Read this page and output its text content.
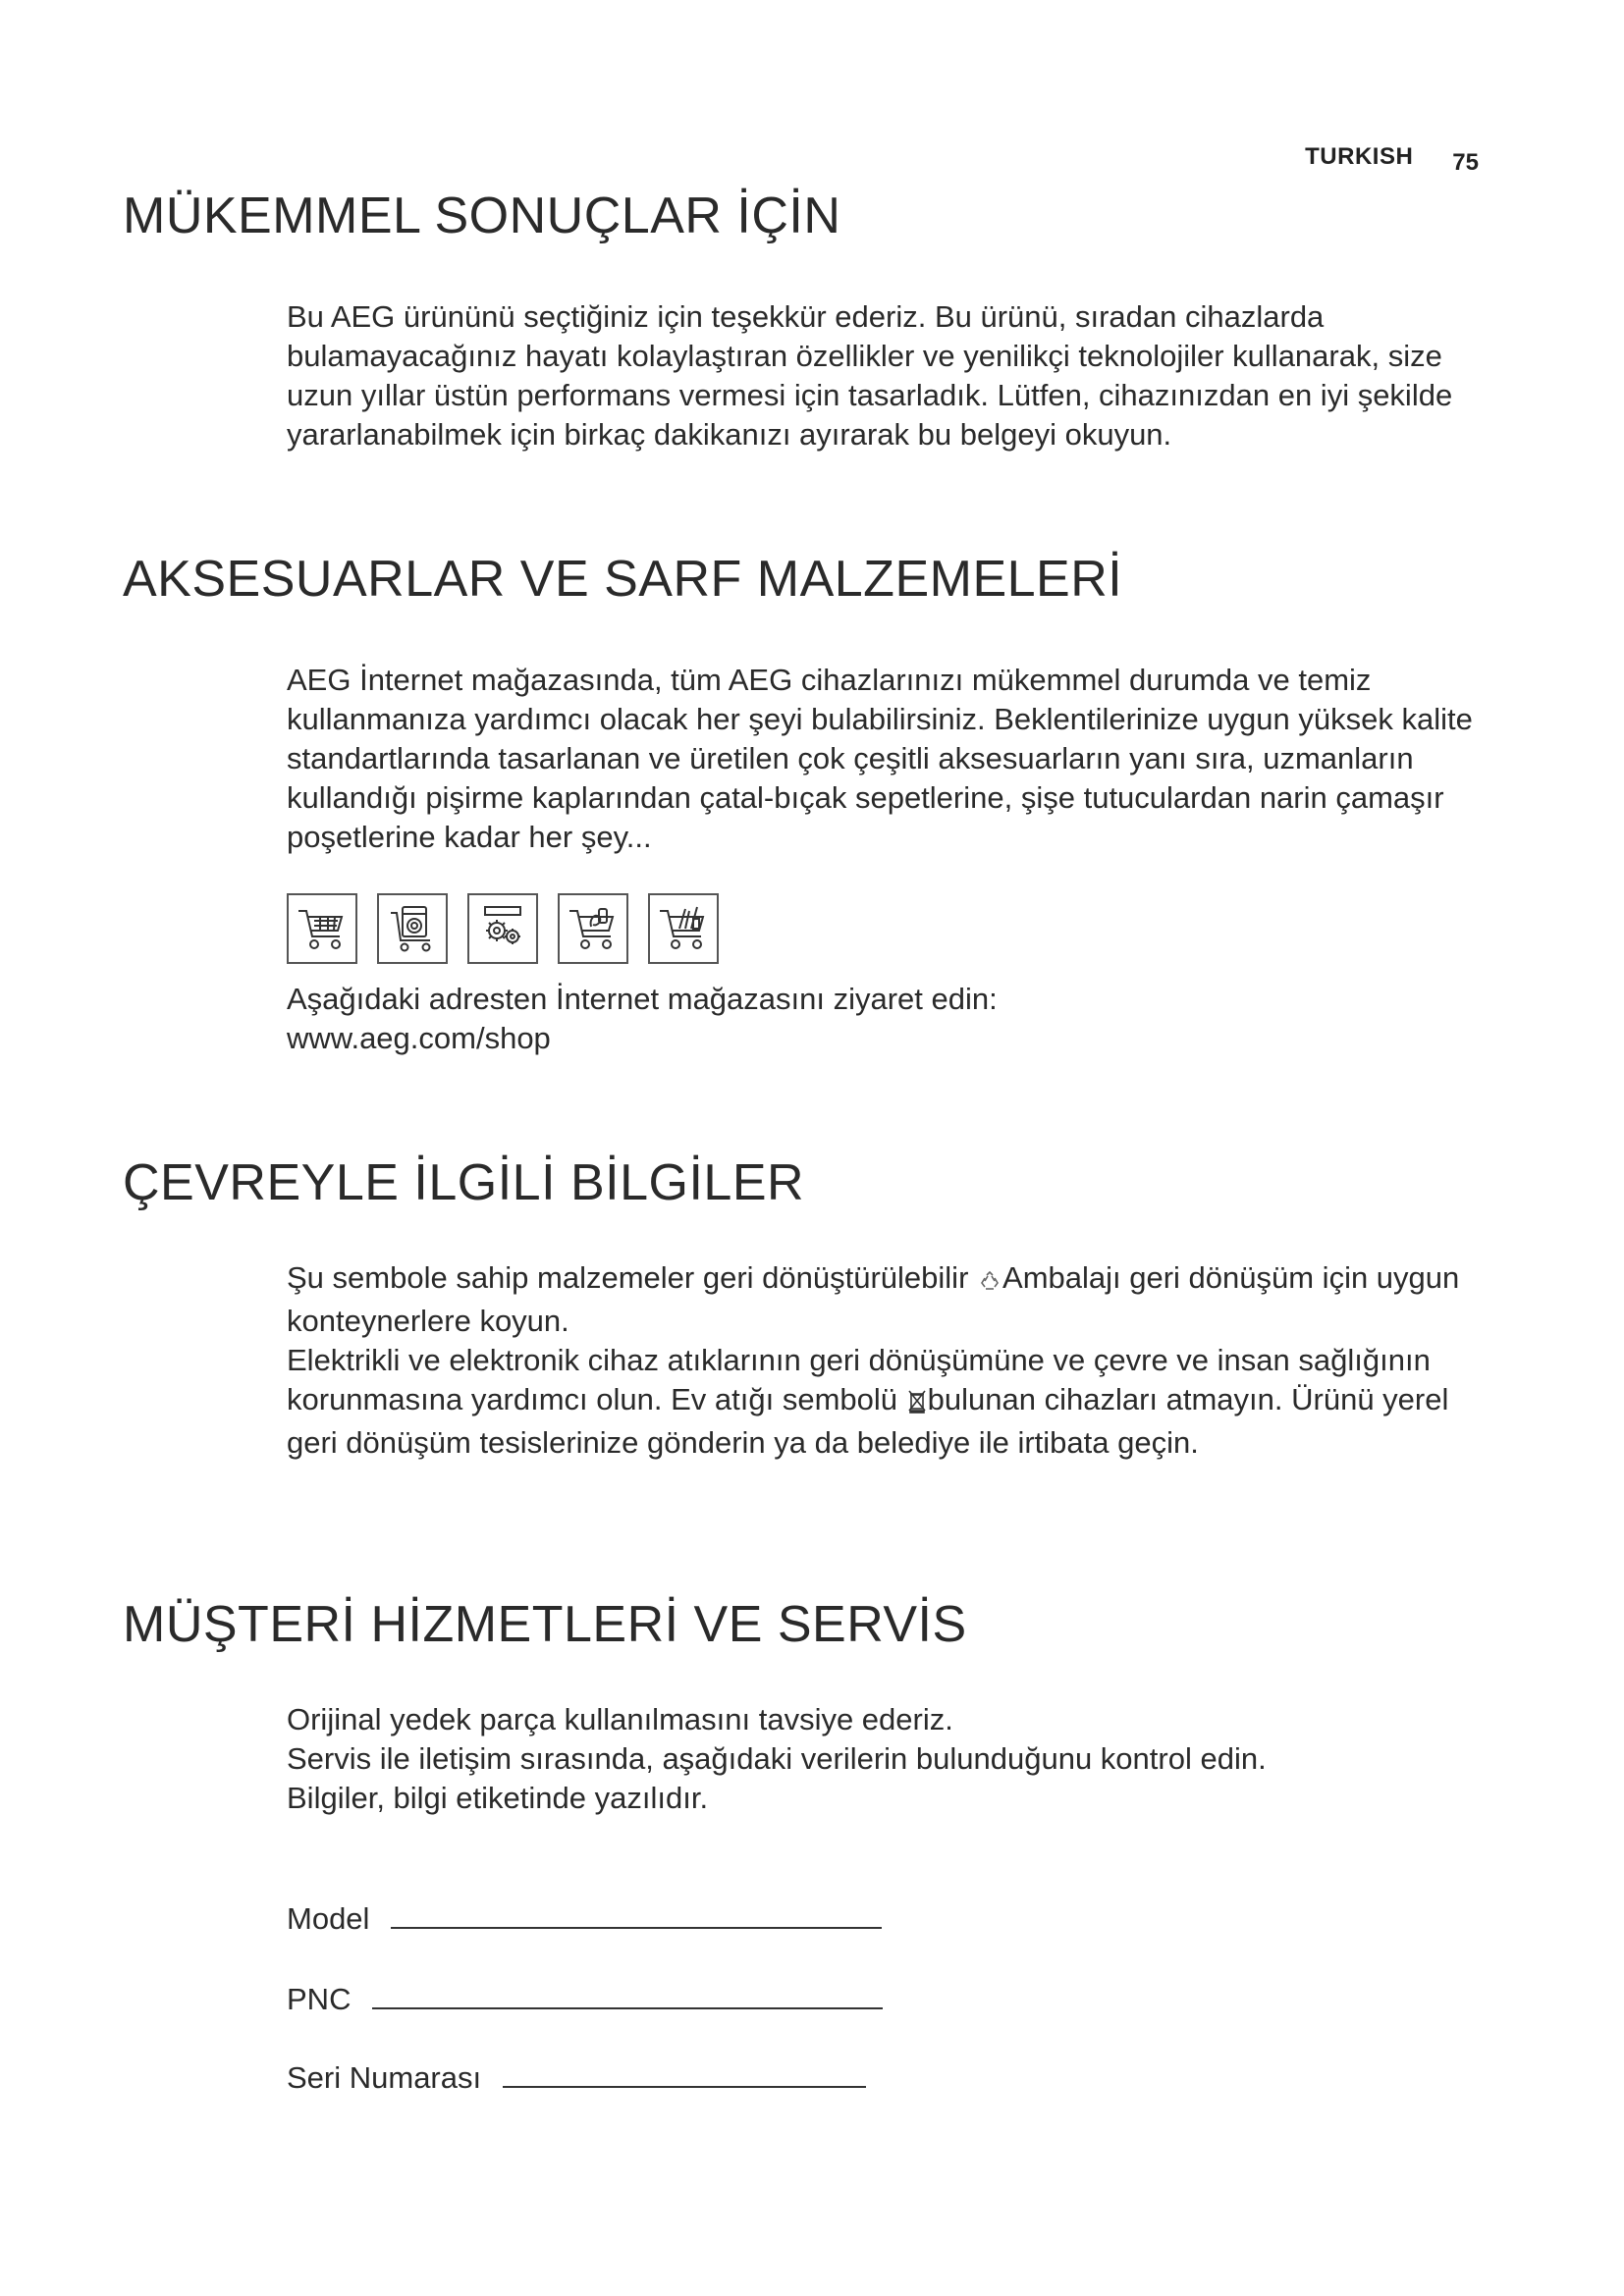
TURKISH 75
MÜKEMMEL SONUÇLAR İÇİN

Bu AEG ürününü seçtiğiniz için teşekkür ederiz. Bu ürünü, sıradan cihazlarda bulamayacağınız hayatı kolaylaştıran özellikler ve yenilikçi teknolojiler kullanarak, size uzun yıllar üstün performans vermesi için tasarladık. Lütfen, cihazınızdan en iyi şekilde yararlanabilmek için birkaç dakikanızı ayırarak bu belgeyi okuyun.

AKSESUARLAR VE SARF MALZEMELERİ

AEG İnternet mağazasında, tüm AEG cihazlarınızı mükemmel durumda ve temiz kullanmanıza yardımcı olacak her şeyi bulabilirsiniz. Beklentilerinize uygun yüksek kalite standartlarında tasarlanan ve üretilen çok çeşitli aksesuarların yanı sıra, uzmanların kullandığı pişirme kaplarından çatal-bıçak sepetlerine, şişe tutuculardan narin çamaşır poşetlerine kadar her şey...

Aşağıdaki adresten İnternet mağazasını ziyaret edin:

www.aeg.com/shop

ÇEVREYLE İLGİLİ BİLGİLER

Şu sembole sahip malzemeler geri dönüştürülebilir Ambalajı geri dönüşüm için uygun konteynerlere koyun.

Elektrikli ve elektronik cihaz atıklarının geri dönüşümüne ve çevre ve insan sağlığının korunmasına yardımcı olun. Ev atığı sembolü bulunan cihazları atmayın. Ürünü yerel geri dönüşüm tesislerinize gönderin ya da belediye ile irtibata geçin.

MÜŞTERİ HİZMETLERİ VE SERVİS

Orijinal yedek parça kullanılmasını tavsiye ederiz.

Servis ile iletişim sırasında, aşağıdaki verilerin bulunduğunu kontrol edin.

Bilgiler, bilgi etiketinde yazılıdır.

Model
PNC
Seri Numarası
